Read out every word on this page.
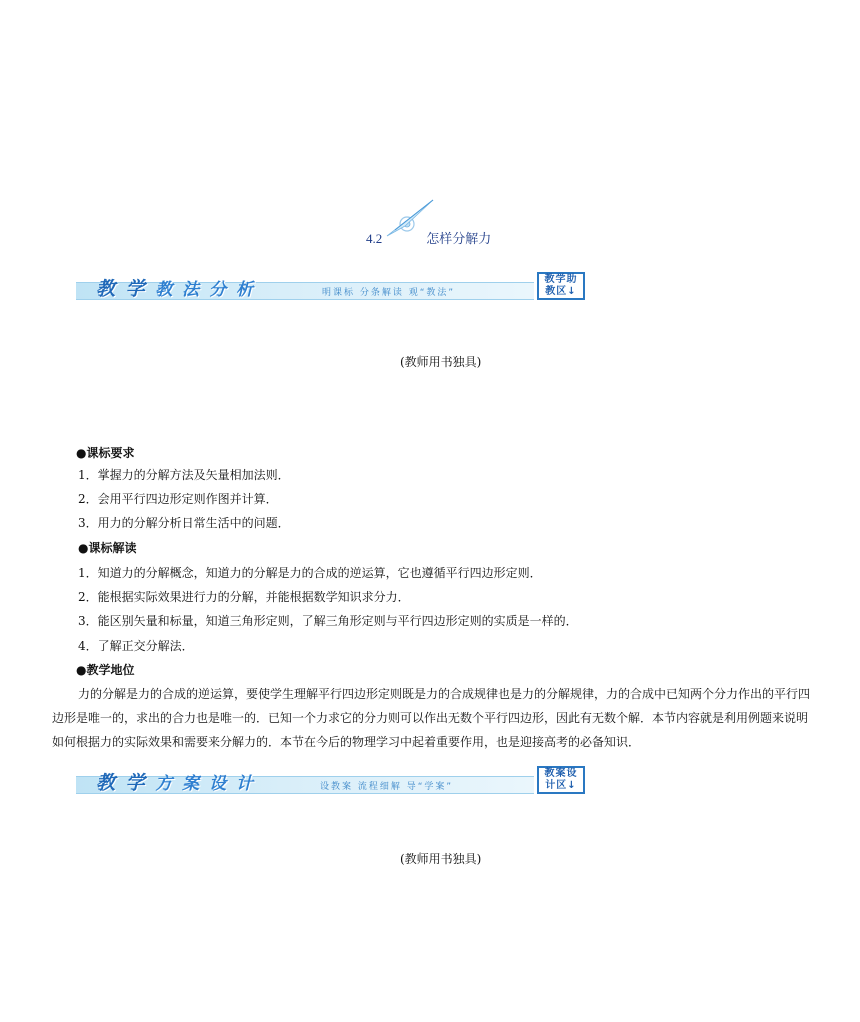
4.2	怎样分解力
教 学 教 法 分 析	明课标 分条解读 观“教法”
教学助
教区↓
(教师用书独具)
●课标要求
1．掌握力的分解方法及矢量相加法则．
2．会用平行四边形定则作图并计算．
3．用力的分解分析日常生活中的问题．
●课标解读
1．知道力的分解概念，知道力的分解是力的合成的逆运算，它也遵循平行四边形定则．
2．能根据实际效果进行力的分解，并能根据数学知识求分力．
3．能区别矢量和标量，知道三角形定则，了解三角形定则与平行四边形定则的实质是一样的．
4．了解正交分解法．
●教学地位
力的分解是力的合成的逆运算，要使学生理解平行四边形定则既是力的合成规律也是力的分解规律，力的合成中已知两个分力作出的平行四边形是唯一的，求出的合力也是唯一的．已知一个力求它的分力则可以作出无数个平行四边形，因此有无数个解．本节内容就是利用例题来说明如何根据力的实际效果和需要来分解力的．本节在今后的物理学习中起着重要作用，也是迎接高考的必备知识．
教 学 方 案 设 计	设教案 流程细解 导“学案”
教案设
计区↓
(教师用书独具)
